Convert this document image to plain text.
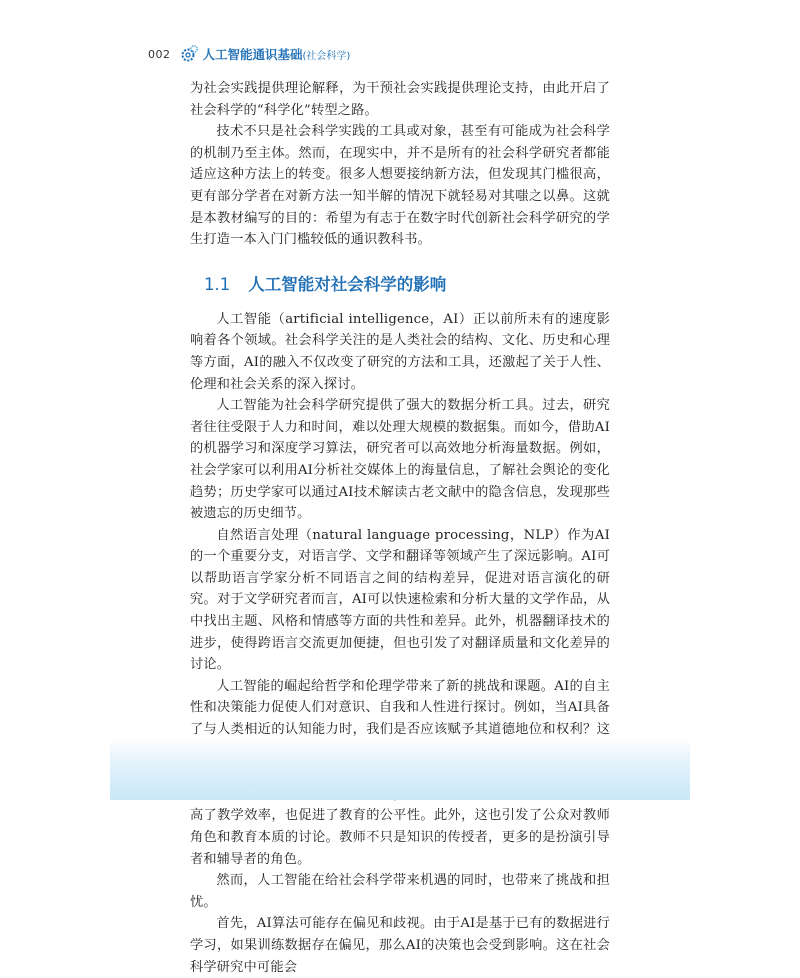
002	人工智能通识基础 (社会科学)

为社会实践提供理论解释，为干预社会实践提供理论支持，由此开启了社会科学的“科学化”转型之路。

技术不只是社会科学实践的工具或对象，甚至有可能成为社会科学的机制乃至主体。然而，在现实中，并不是所有的社会科学研究者都能适应这种方法上的转变。很多人想要接纳新方法，但发现其门槛很高，更有部分学者在对新方法一知半解的情况下就轻易对其嗤之以鼻。这就是本教材编写的目的：希望为有志于在数字时代创新社会科学研究的学生打造一本入门门槛较低的通识教科书。

1.1 人工智能对社会科学的影响

人工智能（artificial intelligence，AI）正以前所未有的速度影响着各个领域。社会科学关注的是人类社会的结构、文化、历史和心理等方面，AI的融入不仅改变了研究的方法和工具，还激起了关于人性、伦理和社会关系的深入探讨。

人工智能为社会科学研究提供了强大的数据分析工具。过去，研究者往往受限于人力和时间，难以处理大规模的数据集。而如今，借助AI的机器学习和深度学习算法，研究者可以高效地分析海量数据。例如，社会学家可以利用AI分析社交媒体上的海量信息，了解社会舆论的变化趋势；历史学家可以通过AI技术解读古老文献中的隐含信息，发现那些被遗忘的历史细节。

自然语言处理（natural language processing，NLP）作为AI的一个重要分支，对语言学、文学和翻译等领域产生了深远影响。AI可以帮助语言学家分析不同语言之间的结构差异，促进对语言演化的研究。对于文学研究者而言，AI可以快速检索和分析大量的文学作品，从中找出主题、风格和情感等方面的共性和差异。此外，机器翻译技术的进步，使得跨语言交流更加便捷，但也引发了对翻译质量和文化差异的讨论。

人工智能的崛起给哲学和伦理学带来了新的挑战和课题。AI的自主性和决策能力促使人们对意识、自我和人性进行探讨。例如，当AI具备了与人类相近的认知能力时，我们是否应该赋予其道德地位和权利？这

高了教学效率，也促进了教育的公平性。此外，这也引发了公众对教师角色和教育本质的讨论。教师不只是知识的传授者，更多的是扮演引导者和辅导者的角色。

然而，人工智能在给社会科学带来机遇的同时，也带来了挑战和担忧。

首先，AI算法可能存在偏见和歧视。由于AI是基于已有的数据进行学习，如果训练数据存在偏见，那么AI的决策也会受到影响。这在社会科学研究中可能会
